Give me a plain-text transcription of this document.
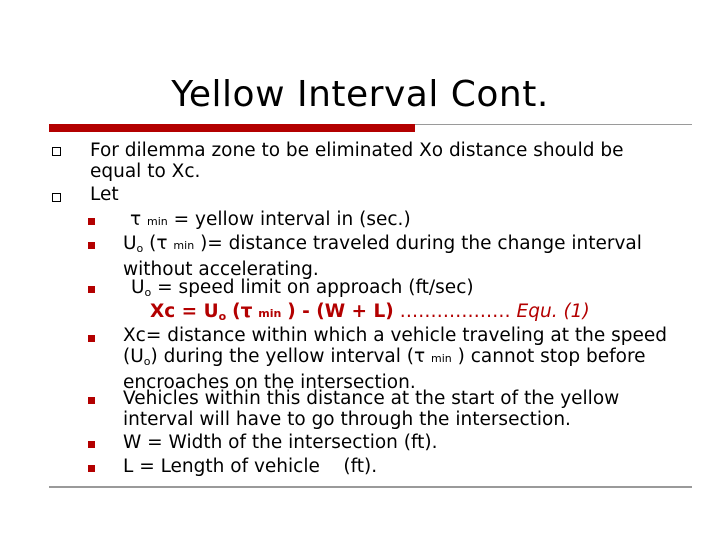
Yellow Interval Cont.
For dilemma zone to be eliminated Xo distance should be equal to Xc.
Let
τ min = yellow interval in (sec.)
Uo (τ min )= distance traveled during the change interval without accelerating.
Uo = speed limit on approach (ft/sec)
Xc = Uo (τ min ) - (W + L) ……………… Equ. (1)
Xc= distance within which a vehicle traveling at the speed (Uo) during the yellow interval (τ min ) cannot stop before encroaches on the intersection.
Vehicles within this distance at the start of the yellow interval will have to go through the intersection.
W = Width of the intersection (ft).
L = Length of vehicle    (ft).
